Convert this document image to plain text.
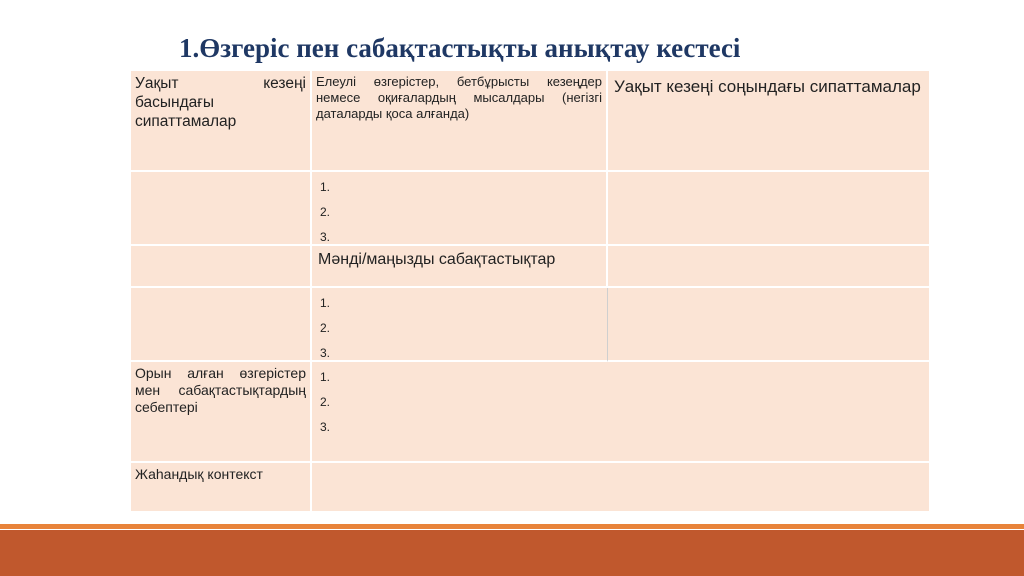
1.Өзгеріс пен сабақтастықты анықтау кестесі
Уақыт кезеңі басындағы сипаттамалар
Елеулі өзгерістер, бетбұрысты кезеңдер немесе оқиғалардың мысалдары (негізгі даталарды қоса алғанда)
Уақыт кезеңі соңындағы сипаттамалар
1.
2.
3.
Мәнді/маңызды сабақтастықтар
1.
2.
3.
Орын алған өзгерістер мен сабақтастықтардың себептері
1.
2.
3.
Жаһандық контекст
